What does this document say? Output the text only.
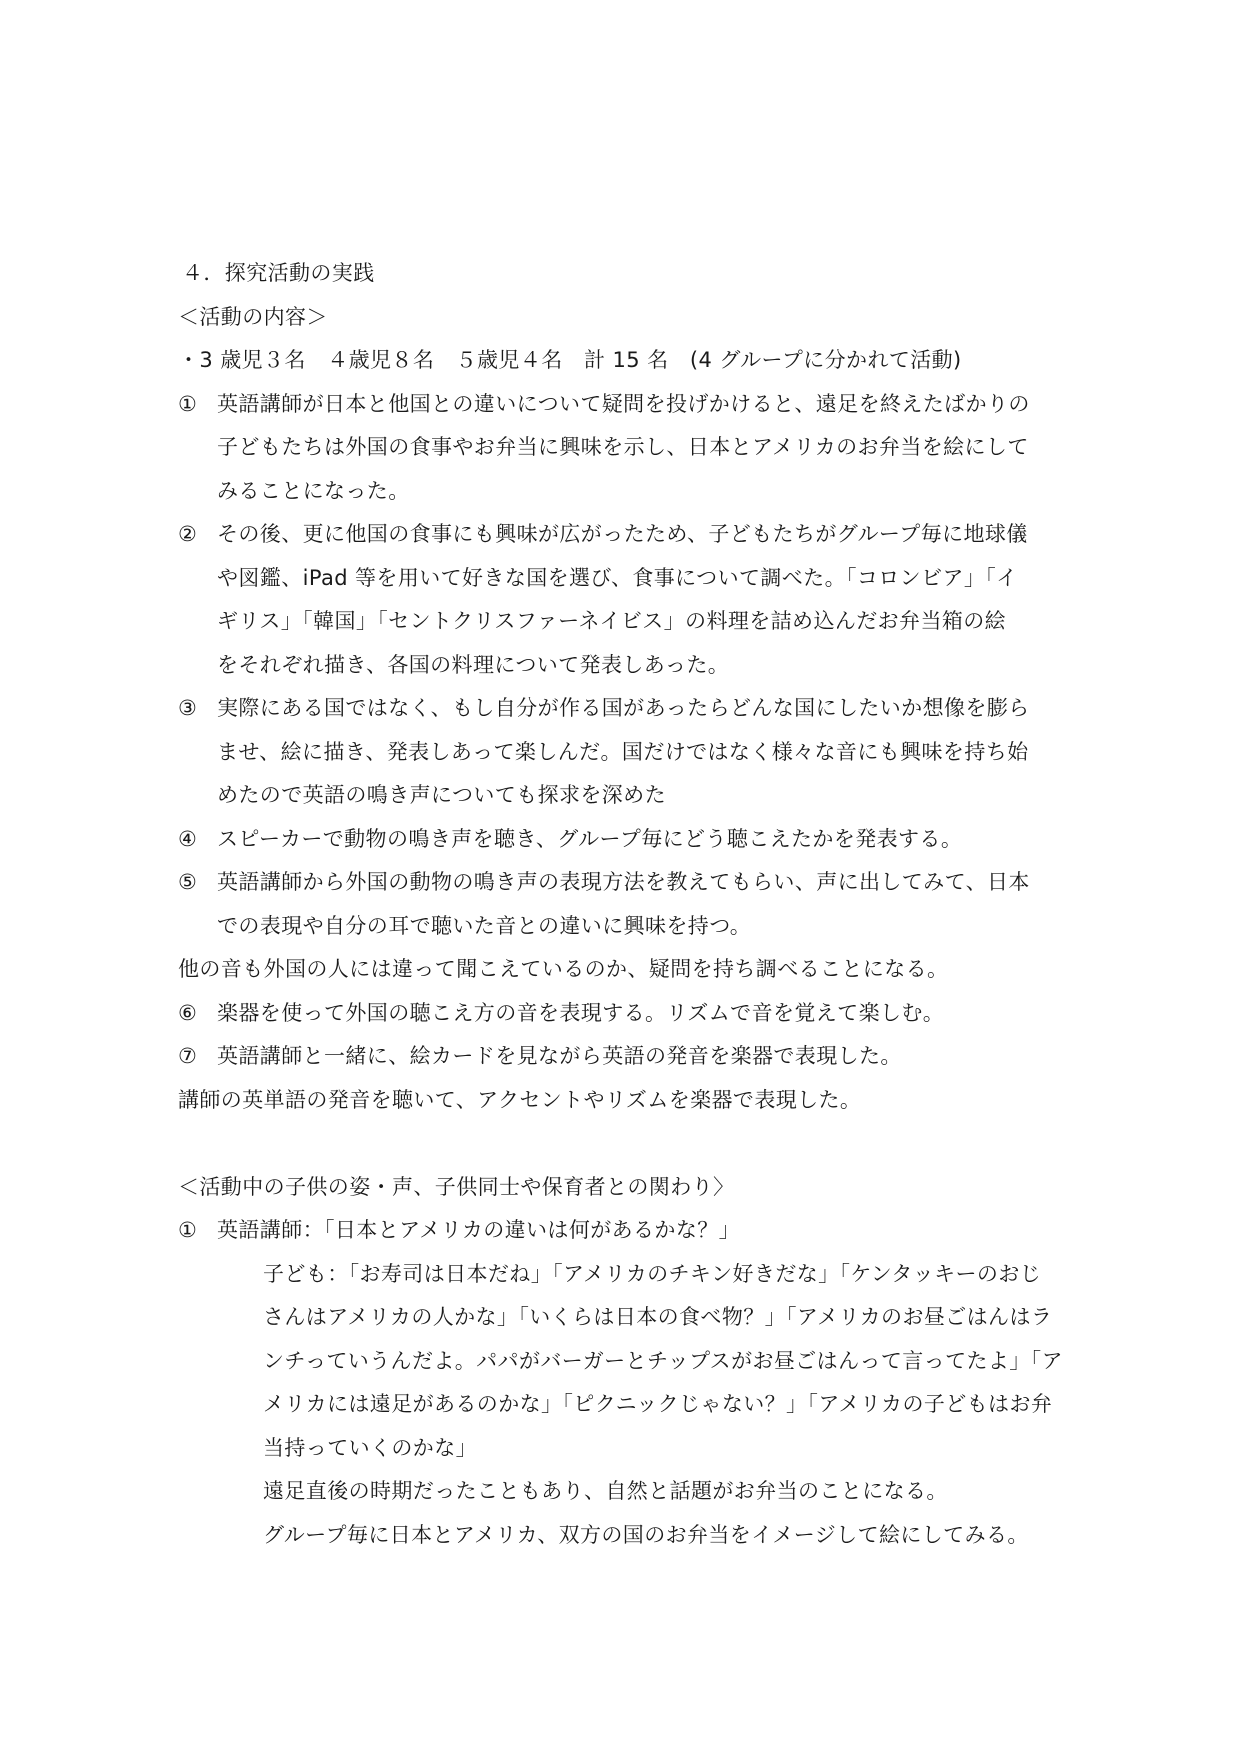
４．探究活動の実践
＜活動の内容＞
・3 歳児３名　４歳児８名　５歳児４名　計 15 名　(4 グループに分かれて活動)
① 英語講師が日本と他国との違いについて疑問を投げかけると、遠足を終えたばかりの
子どもたちは外国の食事やお弁当に興味を示し、日本とアメリカのお弁当を絵にして
みることになった。
② その後、更に他国の食事にも興味が広がったため、子どもたちがグループ毎に地球儀
や図鑑、iPad 等を用いて好きな国を選び、食事について調べた。「コロンビア」「イ
ギリス」「韓国」「セントクリスファーネイビス」の料理を詰め込んだお弁当箱の絵
をそれぞれ描き、各国の料理について発表しあった。
③ 実際にある国ではなく、もし自分が作る国があったらどんな国にしたいか想像を膨ら
ませ、絵に描き、発表しあって楽しんだ。国だけではなく様々な音にも興味を持ち始
めたので英語の鳴き声についても探求を深めた
④ スピーカーで動物の鳴き声を聴き、グループ毎にどう聴こえたかを発表する。
⑤ 英語講師から外国の動物の鳴き声の表現方法を教えてもらい、声に出してみて、日本
での表現や自分の耳で聴いた音との違いに興味を持つ。
他の音も外国の人には違って聞こえているのか、疑問を持ち調べることになる。
⑥ 楽器を使って外国の聴こえ方の音を表現する。リズムで音を覚えて楽しむ。
⑦ 英語講師と一緒に、絵カードを見ながら英語の発音を楽器で表現した。
講師の英単語の発音を聴いて、アクセントやリズムを楽器で表現した。
＜活動中の子供の姿・声、子供同士や保育者との関わり〉
① 英語講師：「日本とアメリカの違いは何があるかな？」
子ども：「お寿司は日本だね」「アメリカのチキン好きだな」「ケンタッキーのおじ
さんはアメリカの人かな」「いくらは日本の食べ物？」「アメリカのお昼ごはんはラ
ンチっていうんだよ。パパがバーガーとチップスがお昼ごはんって言ってたよ」「ア
メリカには遠足があるのかな」「ピクニックじゃない？」「アメリカの子どもはお弁
当持っていくのかな」
遠足直後の時期だったこともあり、自然と話題がお弁当のことになる。
グループ毎に日本とアメリカ、双方の国のお弁当をイメージして絵にしてみる。
